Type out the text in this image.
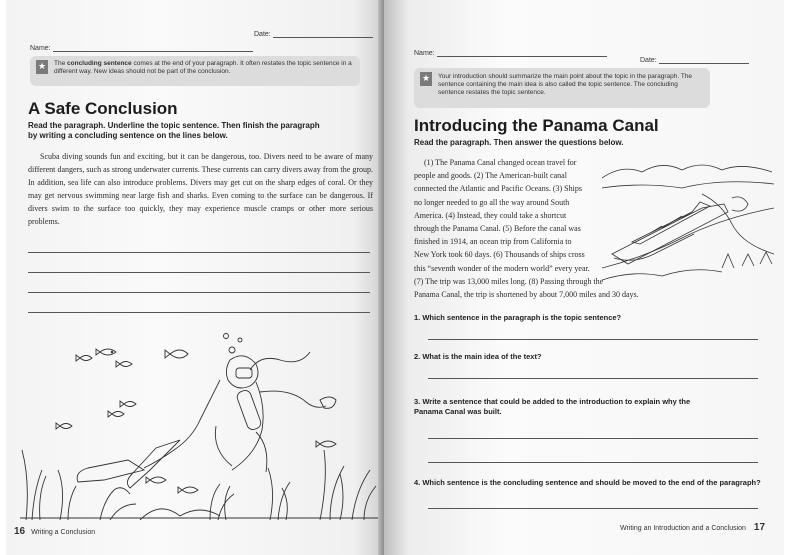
Date:
Name:
★	The concluding sentence comes at the end of your paragraph. It often restates the topic sentence in a different way. New ideas should not be part of the conclusion.
A Safe Conclusion
Read the paragraph. Underline the topic sentence. Then finish the paragraph by writing a concluding sentence on the lines below.
Scuba diving sounds fun and exciting, but it can be dangerous, too. Divers need to be aware of many different dangers, such as strong underwater currents. These currents can carry divers away from the group. In addition, sea life can also introduce problems. Divers may get cut on the sharp edges of coral. Or they may get nervous swimming near large fish and sharks. Even coming to the surface can be dangerous. If divers swim to the surface too quickly, they may experience muscle cramps or other more serious problems.
16 Writing a Conclusion
Name:
Date:
★	Your introduction should summarize the main point about the topic in the paragraph. The sentence containing the main idea is also called the topic sentence. The concluding sentence restates the topic sentence.
Introducing the Panama Canal
Read the paragraph. Then answer the questions below.
(1) The Panama Canal changed ocean travel for
people and goods. (2) The American-built canal
connected the Atlantic and Pacific Oceans. (3) Ships
no longer needed to go all the way around South
America. (4) Instead, they could take a shortcut
through the Panama Canal. (5) Before the canal was
finished in 1914, an ocean trip from California to
New York took 60 days. (6) Thousands of ships cross
this “seventh wonder of the modern world” every year.
(7) The trip was 13,000 miles long. (8) Passing through the
Panama Canal, the trip is shortened by about 7,000 miles and 30 days.
1. Which sentence in the paragraph is the topic sentence?
2. What is the main idea of the text?
3. Write a sentence that could be added to the introduction to explain why the Panama Canal was built.
4. Which sentence is the concluding sentence and should be moved to the end of the paragraph?
Writing an Introduction and a Conclusion 17
